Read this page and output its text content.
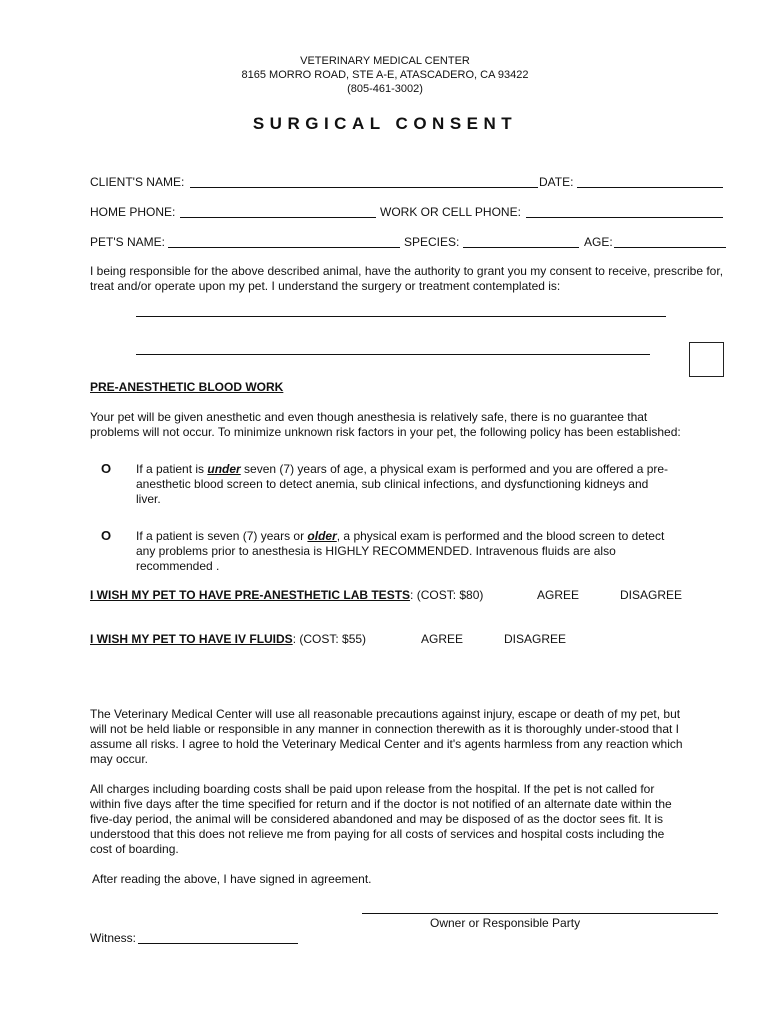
VETERINARY MEDICAL CENTER
8165 MORRO ROAD, STE A-E, ATASCADERO, CA 93422
(805-461-3002)
SURGICAL CONSENT
CLIENT'S NAME:	DATE:
HOME PHONE:	WORK OR CELL PHONE:
PET'S NAME:	SPECIES:	AGE:
I being responsible for the above described animal, have the authority to grant you my consent to receive, prescribe for, treat and/or operate upon my pet. I understand the surgery or treatment contemplated is:
PRE-ANESTHETIC BLOOD WORK
Your pet will be given anesthetic and even though anesthesia is relatively safe, there is no guarantee that problems will not occur. To minimize unknown risk factors in your pet, the following policy has been established:
O If a patient is under seven (7) years of age, a physical exam is performed and you are offered a pre-anesthetic blood screen to detect anemia, sub clinical infections, and dysfunctioning kidneys and liver.
O If a patient is seven (7) years or older, a physical exam is performed and the blood screen to detect any problems prior to anesthesia is HIGHLY RECOMMENDED. Intravenous fluids are also recommended .
I WISH MY PET TO HAVE PRE-ANESTHETIC LAB TESTS: (COST: $80)	AGREE	DISAGREE
I WISH MY PET TO HAVE IV FLUIDS: (COST: $55)	AGREE	DISAGREE
The Veterinary Medical Center will use all reasonable precautions against injury, escape or death of my pet, but will not be held liable or responsible in any manner in connection therewith as it is thoroughly under-stood that I assume all risks. I agree to hold the Veterinary Medical Center and it's agents harmless from any reaction which may occur.
All charges including boarding costs shall be paid upon release from the hospital. If the pet is not called for within five days after the time specified for return and if the doctor is not notified of an alternate date within the five-day period, the animal will be considered abandoned and may be disposed of as the doctor sees fit. It is understood that this does not relieve me from paying for all costs of services and hospital costs including the cost of boarding.
After reading the above, I have signed in agreement.
Owner or Responsible Party
Witness:
